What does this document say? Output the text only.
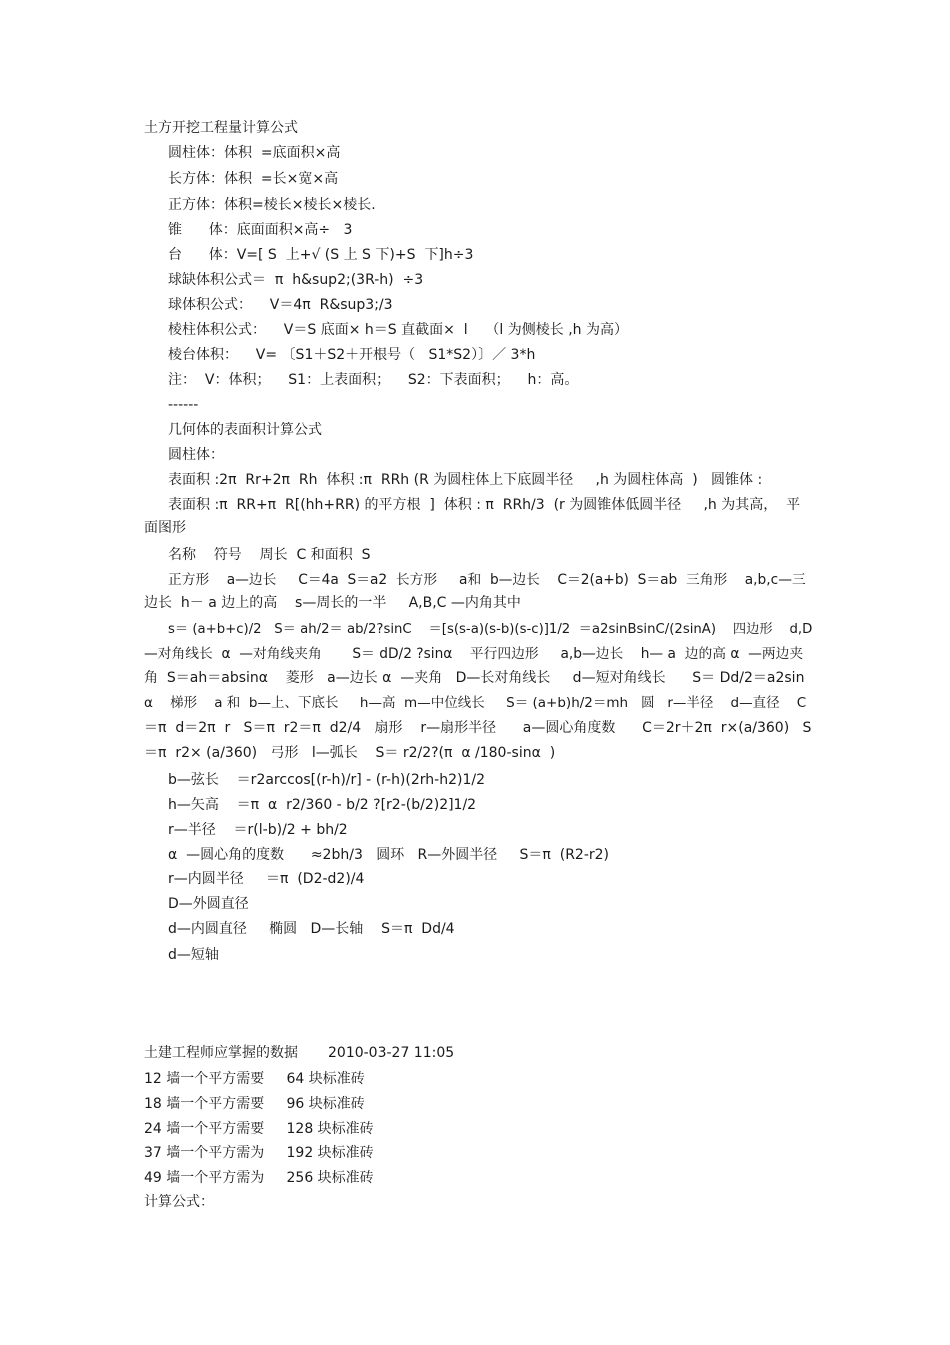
土方开挖工程量计算公式
圆柱体：体积  =底面积×高
长方体：体积  =长×宽×高
正方体：体积=棱长×棱长×棱长.
锥      体：底面面积×高÷   3
台      体：V=[ S  上+√ (S 上 S 下)+S  下]h÷3
球缺体积公式＝  π  h&sup2;(3R-h)  ÷3
球体积公式：    V＝4π  R&sup3;/3
棱柱体积公式：    V＝S 底面× h＝S 直截面×  l    （l 为侧棱长 ,h 为高）
棱台体积：    V= 〔S1＋S2＋开根号（   S1*S2）〕／ 3*h
注：  V：体积；    S1：上表面积；    S2：下表面积；    h：高。
------
几何体的表面积计算公式
圆柱体：
表面积 :2π  Rr+2π  Rh  体积 :π  RRh (R 为圆柱体上下底圆半径     ,h 为圆柱体高  )   圆锥体 :
表面积 :π  RR+π  R[(hh+RR) 的平方根  ]  体积 : π  RRh/3  (r 为圆锥体低圆半径     ,h 为其高，  平
面图形
名称    符号    周长  C 和面积  S
正方形    a—边长     C＝4a  S＝a2  长方形     a和  b—边长    C＝2(a+b)  S＝ab  三角形    a,b,c—三
边长  h－ a 边上的高    s—周长的一半     A,B,C —内角其中
s＝ (a+b+c)/2   S＝ ah/2＝ ab/2?sinC    ＝[s(s-a)(s-b)(s-c)]1/2  ＝a2sinBsinC/(2sinA)    四边形    d,D
—对角线长  α  —对角线夹角       S＝ dD/2 ?sinα    平行四边形     a,b—边长    h— a  边的高 α  —两边夹
角  S＝ah＝absinα    菱形   a—边长 α  —夹角   D—长对角线长     d—短对角线长      S＝ Dd/2＝a2sin
α    梯形    a 和  b—上、下底长     h—高  m—中位线长     S＝ (a+b)h/2＝mh   圆   r—半径    d—直径    C
＝π  d＝2π  r   S＝π  r2＝π  d2/4   扇形    r—扇形半径      a—圆心角度数      C＝2r＋2π  r×(a/360)   S
＝π  r2× (a/360)   弓形   l—弧长    S＝ r2/2?(π  α /180-sinα  )
b—弦长    ＝r2arccos[(r-h)/r] - (r-h)(2rh-h2)1/2
h—矢高    ＝π  α  r2/360 - b/2 ?[r2-(b/2)2]1/2
r—半径    ＝r(l-b)/2 + bh/2
α  —圆心角的度数      ≈2bh/3   圆环   R—外圆半径     S＝π  (R2-r2)
r—内圆半径     ＝π  (D2-d2)/4
D—外圆直径
d—内圆直径     椭圆   D—长轴    S＝π  Dd/4
d—短轴
土建工程师应掌握的数据 2010-03-27 11:05
12 墙一个平方需要     64 块标准砖
18 墙一个平方需要     96 块标准砖
24 墙一个平方需要     128 块标准砖
37 墙一个平方需为     192 块标准砖
49 墙一个平方需为     256 块标准砖
计算公式：
